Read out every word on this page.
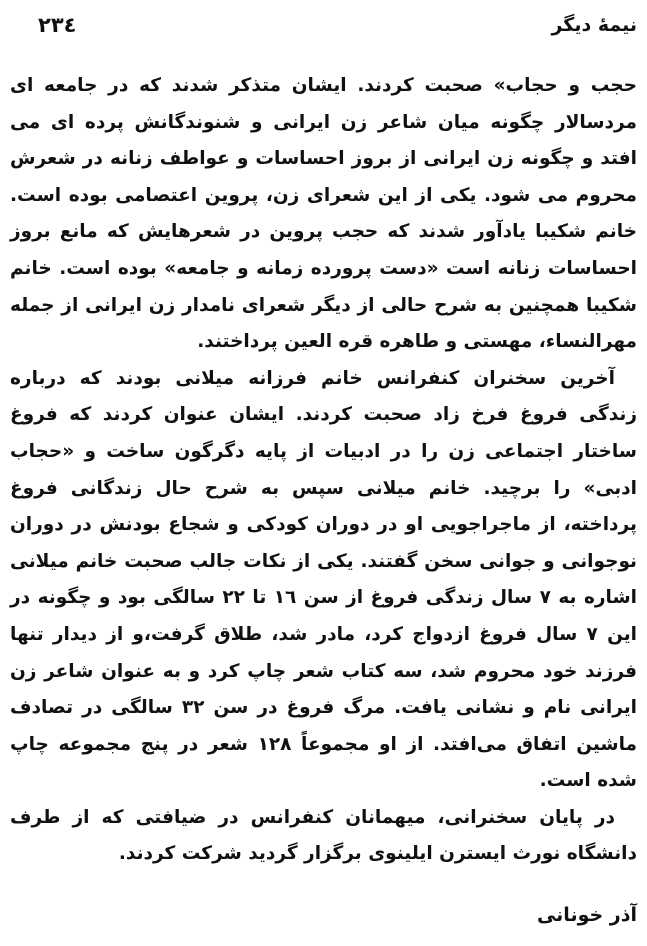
نیمهٔ دیگر
۲۳٤

حجب و حجاب» صحبت کردند. ایشان متذکر شدند که در جامعه ای مردسالار چگونه میان شاعر زن ایرانی و شنوندگانش پرده ای می افتد و چگونه زن ایرانی از بروز احساسات و عواطف زنانه در شعرش محروم می شود. یکی از این شعرای زن، پروین اعتصامی بوده است. خانم شکیبا یادآور شدند که حجب پروین در شعرهایش که مانع بروز احساسات زنانه است «دست پرورده زمانه و جامعه» بوده است. خانم شکیبا همچنین به شرح حالی از دیگر شعرای نامدار زن ایرانی از جمله مهرالنساء، مهستی و طاهره قره العین پرداختند.

آخرین سخنران کنفرانس خانم فرزانه میلانی بودند که درباره زندگی فروغ فرخ زاد صحبت کردند. ایشان عنوان کردند که فروغ ساختار اجتماعی زن را در ادبیات از پایه دگرگون ساخت و «حجاب ادبی» را برچید. خانم میلانی سپس به شرح حال زندگانی فروغ پرداخته، از ماجراجویی او در دوران کودکی و شجاع بودنش در دوران نوجوانی و جوانی سخن گفتند. یکی از نکات جالب صحبت خانم میلانی اشاره به ۷ سال زندگی فروغ از سن ۱٦ تا ۲۲ سالگی بود و چگونه در این ۷ سال فروغ ازدواج کرد، مادر شد، طلاق گرفت،و از دیدار تنها فرزند خود محروم شد، سه کتاب شعر چاپ کرد و به عنوان شاعر زن ایرانی نام و نشانی یافت. مرگ فروغ در سن ۳۲ سالگی در تصادف ماشین اتفاق می‌افتد. از او مجموعاً ۱۲۸ شعر در پنج مجموعه چاپ شده است.

در پایان سخنرانی، میهمانان کنفرانس در ضیافتی که از طرف دانشگاه نورث ایسترن ایلینوی برگزار گردید شرکت کردند.

آذر خونانی
